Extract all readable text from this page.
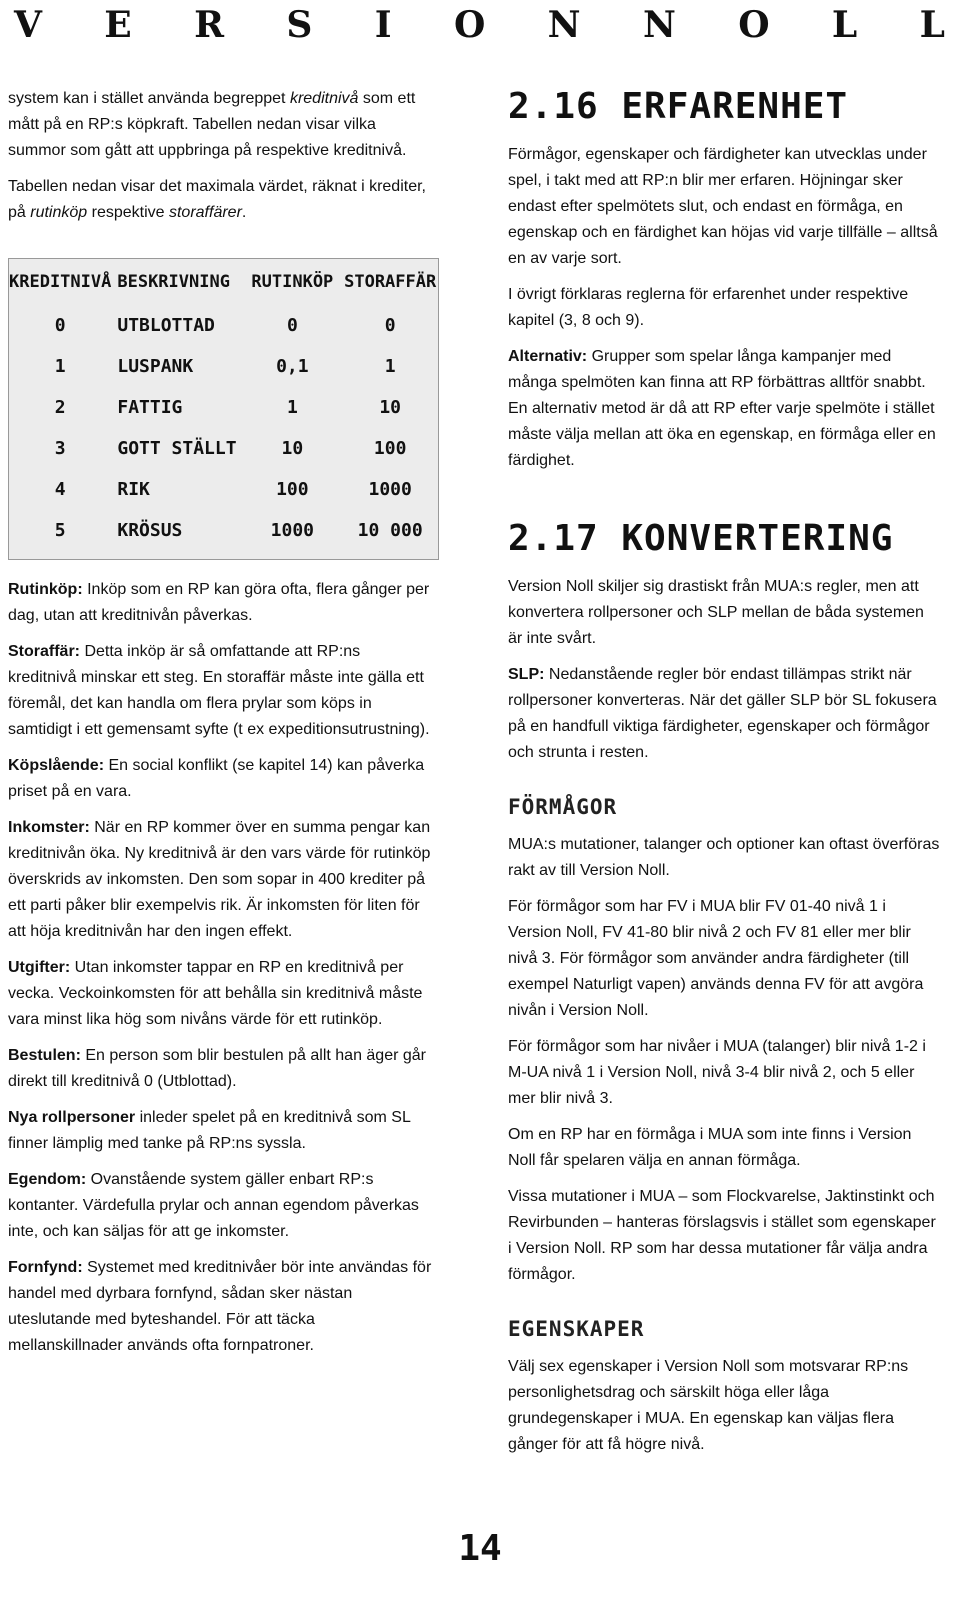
V E R S I O N N O L L

system kan i stället använda begreppet kreditnivå som ett mått på en RP:s köpkraft. Tabellen nedan visar vilka summor som gått att uppbringa på respektive kreditnivå.

Tabellen nedan visar det maximala värdet, räknat i krediter, på rutinköp respektive storaffärer.

KREDITNIVÅ	BESKRIVNING	RUTINKÖP	STORAFFÄR
0	UTBLOTTAD	0	0
1	LUSPANK	0,1	1
2	FATTIG	1	10
3	GOTT STÄLLT	10	100
4	RIK	100	1000
5	KRÖSUS	1000	10 000

Rutinköp: Inköp som en RP kan göra ofta, flera gånger per dag, utan att kreditnivån påverkas.

Storaffär: Detta inköp är så omfattande att RP:ns kreditnivå minskar ett steg. En storaffär måste inte gälla ett föremål, det kan handla om flera prylar som köps in samtidigt i ett gemensamt syfte (t ex expeditionsutrustning).

Köpslående: En social konflikt (se kapitel 14) kan påverka priset på en vara.

Inkomster: När en RP kommer över en summa pengar kan kreditnivån öka. Ny kreditnivå är den vars värde för rutinköp överskrids av inkomsten. Den som sopar in 400 krediter på ett parti påker blir exempelvis rik. Är inkomsten för liten för att höja kreditnivån har den ingen effekt.

Utgifter: Utan inkomster tappar en RP en kreditnivå per vecka. Veckoinkomsten för att behålla sin kreditnivå måste vara minst lika hög som nivåns värde för ett rutinköp.

Bestulen: En person som blir bestulen på allt han äger går direkt till kreditnivå 0 (Utblottad).

Nya rollpersoner inleder spelet på en kreditnivå som SL finner lämplig med tanke på RP:ns syssla.

Egendom: Ovanstående system gäller enbart RP:s kontanter. Värdefulla prylar och annan egendom påverkas inte, och kan säljas för att ge inkomster.

Fornfynd: Systemet med kreditnivåer bör inte användas för handel med dyrbara fornfynd, sådan sker nästan uteslutande med byteshandel. För att täcka mellanskillnader används ofta fornpatroner.

2.16 ERFARENHET

Förmågor, egenskaper och färdigheter kan utvecklas under spel, i takt med att RP:n blir mer erfaren. Höjningar sker endast efter spelmötets slut, och endast en förmåga, en egenskap och en färdighet kan höjas vid varje tillfälle – alltså en av varje sort.

I övrigt förklaras reglerna för erfarenhet under respektive kapitel (3, 8 och 9).

Alternativ: Grupper som spelar långa kampanjer med många spelmöten kan finna att RP förbättras alltför snabbt. En alternativ metod är då att RP efter varje spelmöte i stället måste välja mellan att öka en egenskap, en förmåga eller en färdighet.

2.17 KONVERTERING

Version Noll skiljer sig drastiskt från MUA:s regler, men att konvertera rollpersoner och SLP mellan de båda systemen är inte svårt.

SLP: Nedanstående regler bör endast tillämpas strikt när rollpersoner konverteras. När det gäller SLP bör SL fokusera på en handfull viktiga färdigheter, egenskaper och förmågor och strunta i resten.

FÖRMÅGOR

MUA:s mutationer, talanger och optioner kan oftast överföras rakt av till Version Noll.

För förmågor som har FV i MUA blir FV 01-40 nivå 1 i Version Noll, FV 41-80 blir nivå 2 och FV 81 eller mer blir nivå 3. För förmågor som använder andra färdigheter (till exempel Naturligt vapen) används denna FV för att avgöra nivån i Version Noll.

För förmågor som har nivåer i MUA (talanger) blir nivå 1-2 i M-UA nivå 1 i Version Noll, nivå 3-4 blir nivå 2, och 5 eller mer blir nivå 3.

Om en RP har en förmåga i MUA som inte finns i Version Noll får spelaren välja en annan förmåga.

Vissa mutationer i MUA – som Flockvarelse, Jaktinstinkt och Revirbunden – hanteras förslagsvis i stället som egenskaper i Version Noll. RP som har dessa mutationer får välja andra förmågor.

EGENSKAPER

Välj sex egenskaper i Version Noll som motsvarar RP:ns personlighetsdrag och särskilt höga eller låga grundegenskaper i MUA. En egenskap kan väljas flera gånger för att få högre nivå.

14
